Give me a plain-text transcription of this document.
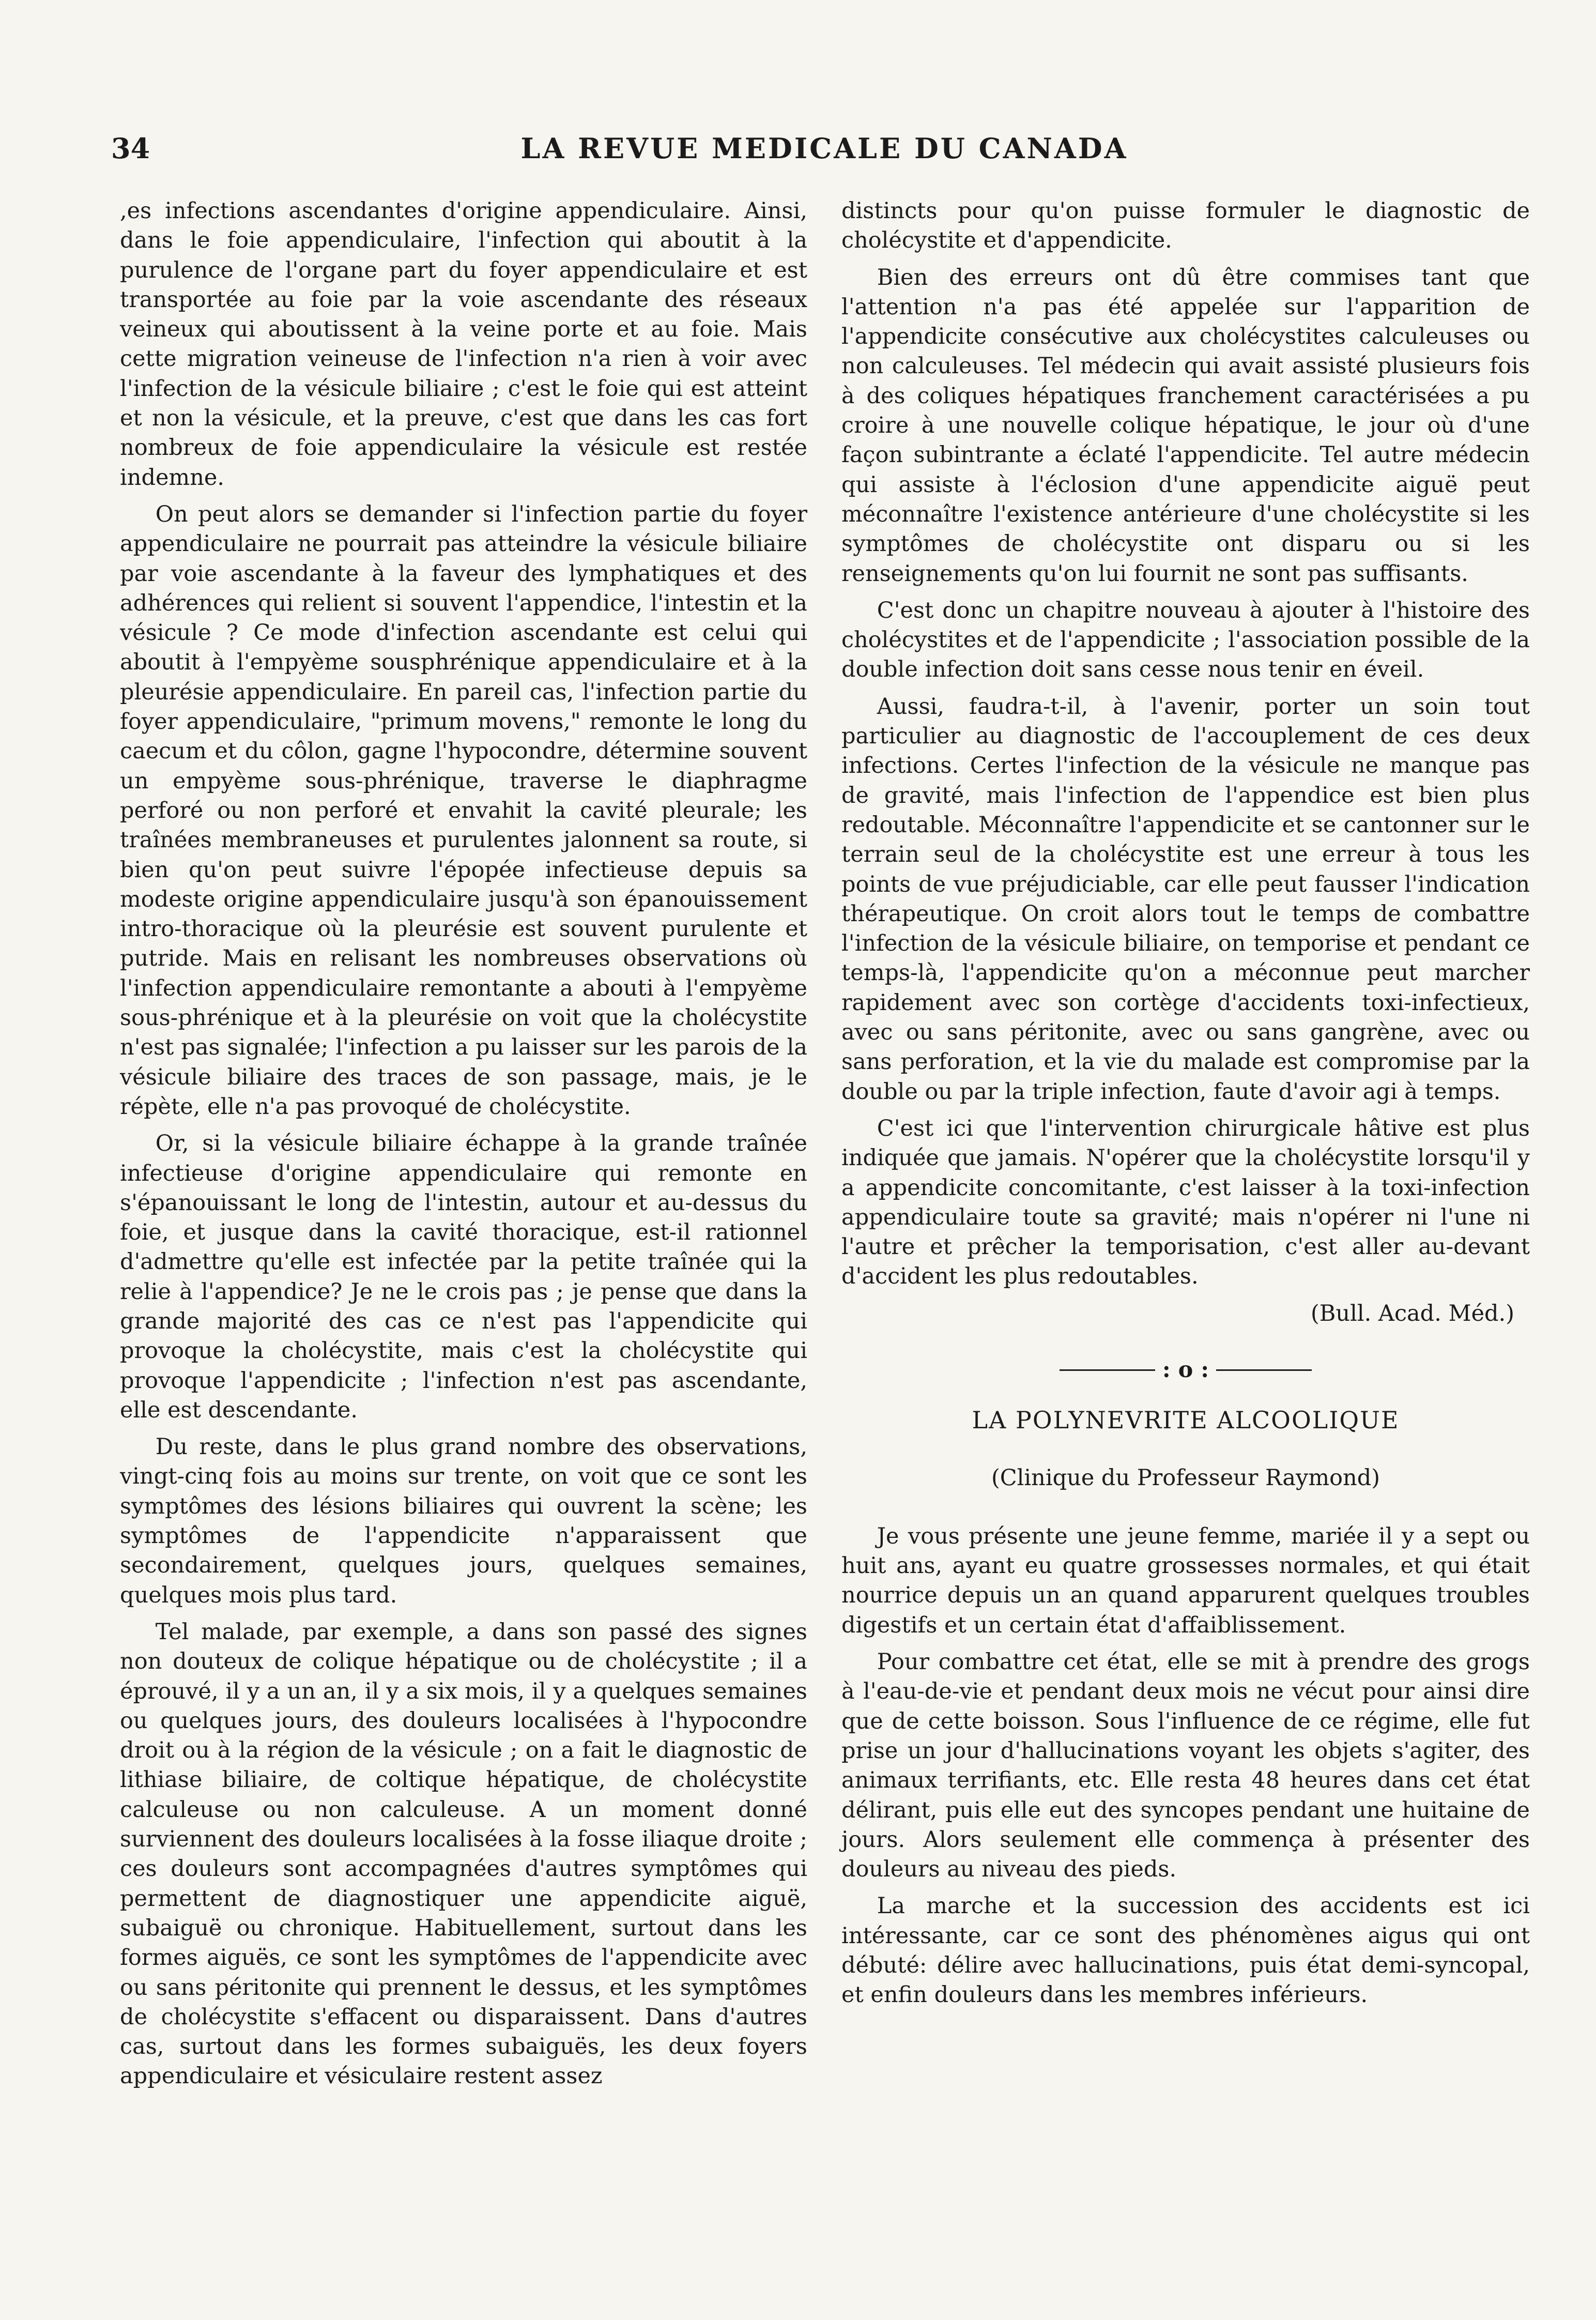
34	LA REVUE MEDICALE DU CANADA

,es infections ascendantes d'origine appendiculaire. Ainsi, dans le foie appendiculaire, l'infection qui aboutit à la purulence de l'organe part du foyer appendiculaire et est transportée au foie par la voie ascendante des réseaux veineux qui aboutissent à la veine porte et au foie. Mais cette migration veineuse de l'infection n'a rien à voir avec l'infection de la vésicule biliaire ; c'est le foie qui est atteint et non la vésicule, et la preuve, c'est que dans les cas fort nombreux de foie appendiculaire la vésicule est restée indemne.

On peut alors se demander si l'infection partie du foyer appendiculaire ne pourrait pas atteindre la vésicule biliaire par voie ascendante à la faveur des lymphatiques et des adhérences qui relient si souvent l'appendice, l'intestin et la vésicule ? Ce mode d'infection ascendante est celui qui aboutit à l'empyème sousphrénique appendiculaire et à la pleurésie appendiculaire. En pareil cas, l'infection partie du foyer appendiculaire, "primum movens," remonte le long du caecum et du côlon, gagne l'hypocondre, détermine souvent un empyème sous-phrénique, traverse le diaphragme perforé ou non perforé et envahit la cavité pleurale; les traînées membraneuses et purulentes jalonnent sa route, si bien qu'on peut suivre l'épopée infectieuse depuis sa modeste origine appendiculaire jusqu'à son épanouissement intro-thoracique où la pleurésie est souvent purulente et putride. Mais en relisant les nombreuses observations où l'infection appendiculaire remontante a abouti à l'empyème sous-phrénique et à la pleurésie on voit que la cholécystite n'est pas signalée; l'infection a pu laisser sur les parois de la vésicule biliaire des traces de son passage, mais, je le répète, elle n'a pas provoqué de cholécystite.

Or, si la vésicule biliaire échappe à la grande traînée infectieuse d'origine appendiculaire qui remonte en s'épanouissant le long de l'intestin, autour et au-dessus du foie, et jusque dans la cavité thoracique, est-il rationnel d'admettre qu'elle est infectée par la petite traînée qui la relie à l'appendice? Je ne le crois pas ; je pense que dans la grande majorité des cas ce n'est pas l'appendicite qui provoque la cholécystite, mais c'est la cholécystite qui provoque l'appendicite ; l'infection n'est pas ascendante, elle est descendante.

Du reste, dans le plus grand nombre des observations, vingt-cinq fois au moins sur trente, on voit que ce sont les symptômes des lésions biliaires qui ouvrent la scène; les symptômes de l'appendicite n'apparaissent que secondairement, quelques jours, quelques semaines, quelques mois plus tard.

Tel malade, par exemple, a dans son passé des signes non douteux de colique hépatique ou de cholécystite ; il a éprouvé, il y a un an, il y a six mois, il y a quelques semaines ou quelques jours, des douleurs localisées à l'hypocondre droit ou à la région de la vésicule ; on a fait le diagnostic de lithiase biliaire, de coltique hépatique, de cholécystite calculeuse ou non calculeuse. A un moment donné surviennent des douleurs localisées à la fosse iliaque droite ; ces douleurs sont accompagnées d'autres symptômes qui permettent de diagnostiquer une appendicite aiguë, subaiguë ou chronique. Habituellement, surtout dans les formes aiguës, ce sont les symptômes de l'appendicite avec ou sans péritonite qui prennent le dessus, et les symptômes de cholécystite s'effacent ou disparaissent. Dans d'autres cas, surtout dans les formes subaiguës, les deux foyers appendiculaire et vésiculaire restent assez

distincts pour qu'on puisse formuler le diagnostic de cholécystite et d'appendicite.

Bien des erreurs ont dû être commises tant que l'attention n'a pas été appelée sur l'apparition de l'appendicite consécutive aux cholécystites calculeuses ou non calculeuses. Tel médecin qui avait assisté plusieurs fois à des coliques hépatiques franchement caractérisées a pu croire à une nouvelle colique hépatique, le jour où d'une façon subintrante a éclaté l'appendicite. Tel autre médecin qui assiste à l'éclosion d'une appendicite aiguë peut méconnaître l'existence antérieure d'une cholécystite si les symptômes de cholécystite ont disparu ou si les renseignements qu'on lui fournit ne sont pas suffisants.

C'est donc un chapitre nouveau à ajouter à l'histoire des cholécystites et de l'appendicite ; l'association possible de la double infection doit sans cesse nous tenir en éveil.

Aussi, faudra-t-il, à l'avenir, porter un soin tout particulier au diagnostic de l'accouplement de ces deux infections. Certes l'infection de la vésicule ne manque pas de gravité, mais l'infection de l'appendice est bien plus redoutable. Méconnaître l'appendicite et se cantonner sur le terrain seul de la cholécystite est une erreur à tous les points de vue préjudiciable, car elle peut fausser l'indication thérapeutique. On croit alors tout le temps de combattre l'infection de la vésicule biliaire, on temporise et pendant ce temps-là, l'appendicite qu'on a méconnue peut marcher rapidement avec son cortège d'accidents toxi-infectieux, avec ou sans péritonite, avec ou sans gangrène, avec ou sans perforation, et la vie du malade est compromise par la double ou par la triple infection, faute d'avoir agi à temps.

C'est ici que l'intervention chirurgicale hâtive est plus indiquée que jamais. N'opérer que la cholécystite lorsqu'il y a appendicite concomitante, c'est laisser à la toxi-infection appendiculaire toute sa gravité; mais n'opérer ni l'une ni l'autre et prêcher la temporisation, c'est aller au-devant d'accident les plus redoutables.

(Bull. Acad. Méd.)
: o :
LA POLYNEVRITE ALCOOLIQUE
(Clinique du Professeur Raymond)

Je vous présente une jeune femme, mariée il y a sept ou huit ans, ayant eu quatre grossesses normales, et qui était nourrice depuis un an quand apparurent quelques troubles digestifs et un certain état d'affaiblissement.

Pour combattre cet état, elle se mit à prendre des grogs à l'eau-de-vie et pendant deux mois ne vécut pour ainsi dire que de cette boisson. Sous l'influence de ce régime, elle fut prise un jour d'hallucinations voyant les objets s'agiter, des animaux terrifiants, etc. Elle resta 48 heures dans cet état délirant, puis elle eut des syncopes pendant une huitaine de jours. Alors seulement elle commença à présenter des douleurs au niveau des pieds.

La marche et la succession des accidents est ici intéressante, car ce sont des phénomènes aigus qui ont débuté: délire avec hallucinations, puis état demi-syncopal, et enfin douleurs dans les membres inférieurs.
